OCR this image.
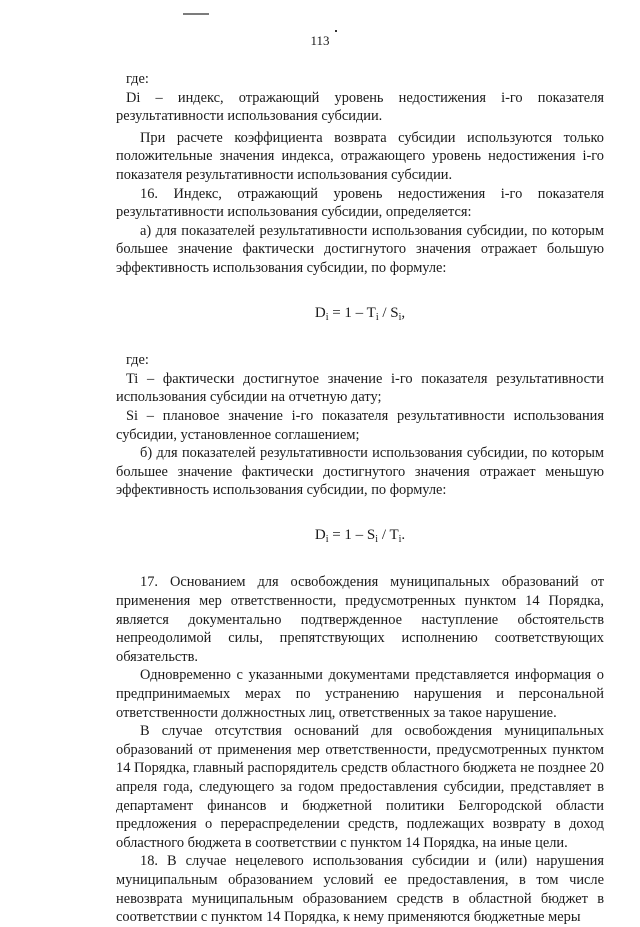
113

где:

Di – индекс, отражающий уровень недостижения i-го показателя результативности использования субсидии.

При расчете коэффициента возврата субсидии используются только положительные значения индекса, отражающего уровень недостижения i-го показателя результативности использования субсидии.

16. Индекс, отражающий уровень недостижения i-го показателя результативности использования субсидии, определяется:

а) для показателей результативности использования субсидии, по которым большее значение фактически достигнутого значения отражает большую эффективность использования субсидии, по формуле:

$D_i = 1 - T_i / S_i$,

где:

Ti – фактически достигнутое значение i-го показателя результативности использования субсидии на отчетную дату;

Si – плановое значение i-го показателя результативности использования субсидии, установленное соглашением;

б) для показателей результативности использования субсидии, по которым большее значение фактически достигнутого значения отражает меньшую эффективность использования субсидии, по формуле:

$D_i = 1 - S_i / T_i$.

17. Основанием для освобождения муниципальных образований от применения мер ответственности, предусмотренных пунктом 14 Порядка, является документально подтвержденное наступление обстоятельств непреодолимой силы, препятствующих исполнению соответствующих обязательств.

Одновременно с указанными документами представляется информация о предпринимаемых мерах по устранению нарушения и персональной ответственности должностных лиц, ответственных за такое нарушение.

В случае отсутствия оснований для освобождения муниципальных образований от применения мер ответственности, предусмотренных пунктом 14 Порядка, главный распорядитель средств областного бюджета не позднее 20 апреля года, следующего за годом предоставления субсидии, представляет в департамент финансов и бюджетной политики Белгородской области предложения о перераспределении средств, подлежащих возврату в доход областного бюджета в соответствии с пунктом 14 Порядка, на иные цели.

18. В случае нецелевого использования субсидии и (или) нарушения муниципальным образованием условий ее предоставления, в том числе невозврата муниципальным образованием средств в областной бюджет в соответствии с пунктом 14 Порядка, к нему применяются бюджетные меры
